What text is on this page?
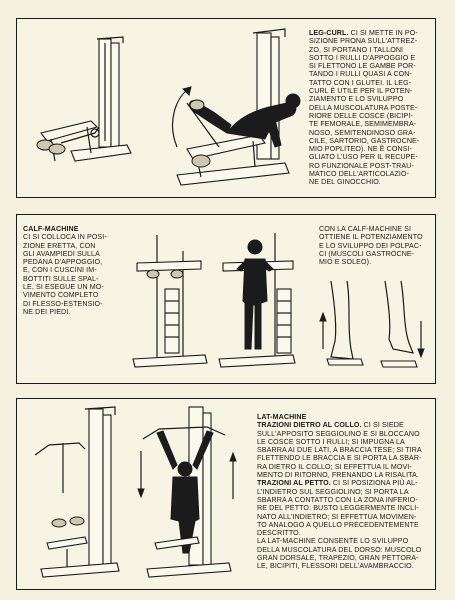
LEG-CURL. CI SI METTE IN PO-
SIZIONE PRONA SULL'ATTREZ-
ZO, SI PORTANO I TALLONI
SOTTO I RULLI D'APPOGGIO E
SI FLETTONO LE GAMBE POR-
TANDO I RULLI QUASI A CON-
TATTO CON I GLUTEI. IL LEG-
CURL È UTILE PER IL POTEN-
ZIAMENTO E LO SVILUPPO
DELLA MUSCOLATURA POSTE-
RIORE DELLE COSCE (BICIPI-
TE FEMORALE, SEMIMEMBRA-
NOSO, SEMITENDINOSO GRA-
CILE, SARTORIO, GASTROCNE-
MIO POPLITEO). NE È CONSI-
GLIATO L'USO PER IL RECUPE-
RO FUNZIONALE POST-TRAU-
MATICO DELL'ARTICOLAZIO-
NE DEL GINOCCHIO.

CALF-MACHINE
CI SI COLLOCA IN POSI-
ZIONE ERETTA, CON
GLI AVAMPIEDI SULLA
PEDANA D'APPOGGIO,
E, CON I CUSCINI IM-
BOTTITI SULLE SPAL-
LE, SI ESEGUE UN MO-
VIMENTO COMPLETO
DI FLESSO-ESTENSIO-
NE DEI PIEDI.

CON LA CALF-MACHINE SI
OTTIENE IL POTENZIAMENTO
E LO SVILUPPO DEI POLPAC-
CI (MUSCOLI GASTROCNE-
MIO E SOLEO).

LAT-MACHINE
TRAZIONI DIETRO AL COLLO. CI SI SIEDE
SULL'APPOSITO SEGGIOLINO E SI BLOCCANO
LE COSCE SOTTO I RULLI; SI IMPUGNA LA
SBARRA AI DUE LATI, A BRACCIA TESE; SI TIRA
FLETTENDO LE BRACCIA E SI PORTA LA SBAR-
RA DIETRO IL COLLO; SI EFFETTUA IL MOVI-
MENTO DI RITORNO, FRENANDO LA RISALITA.
TRAZIONI AL PETTO. CI SI POSIZIONA PIÙ AL-
L'INDIETRO SUL SEGGIOLINO; SI PORTA LA
SBARRA A CONTATTO CON LA ZONA INFERIO-
RE DEL PETTO. BUSTO LEGGERMENTE INCLI-
NATO ALL'INDIETRO; SI EFFETTUA MOVIMEN-
TO ANALOGO A QUELLO PRECEDENTEMENTE
DESCRITTO.
LA LAT-MACHINE CONSENTE LO SVILUPPO
DELLA MUSCOLATURA DEL DORSO: MUSCOLO
GRAN DORSALE, TRAPEZIO, GRAN PETTORA-
LE, BICIPITI, FLESSORI DELL'AVAMBRACCIO.
